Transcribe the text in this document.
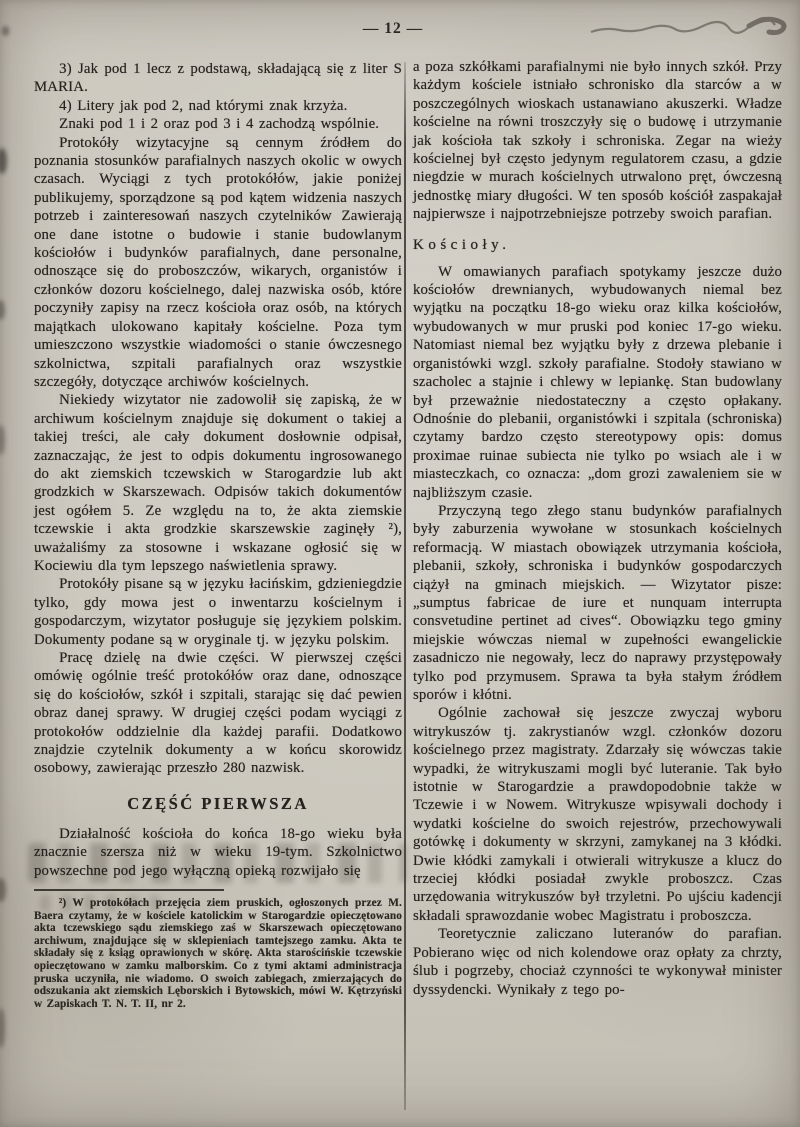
— 12 —

3) Jak pod 1 lecz z podstawą, składającą się z liter S MARIA.

4) Litery jak pod 2, nad którymi znak krzyża.

Znaki pod 1 i 2 oraz pod 3 i 4 zachodzą wspólnie.

Protokóły wizytacyjne są cennym źródłem do poznania stosunków parafialnych naszych okolic w owych czasach. Wyciągi z tych protokółów, jakie poniżej publikujemy, sporządzone są pod kątem widzenia naszych potrzeb i zainteresowań naszych czytelników Zawierają one dane istotne o budowie i stanie budowlanym kościołów i budynków parafialnych, dane personalne, odnoszące się do proboszczów, wikarych, organistów i członków dozoru kościelnego, dalej nazwiska osób, które poczyniły zapisy na rzecz kościoła oraz osób, na których majątkach ulokowano kapitały kościelne. Poza tym umieszczono wszystkie wiadomości o stanie ówczesnego szkolnictwa, szpitali parafialnych oraz wszystkie szczegóły, dotyczące archiwów kościelnych.

Niekiedy wizytator nie zadowolił się zapiską, że w archiwum kościelnym znajduje się dokument o takiej a takiej treści, ale cały dokument dosłownie odpisał, zaznaczając, że jest to odpis dokumentu ingrosowanego do akt ziemskich tczewskich w Starogardzie lub akt grodzkich w Skarszewach. Odpisów takich dokumentów jest ogółem 5. Ze względu na to, że akta ziemskie tczewskie i akta grodzkie skarszewskie zaginęły ²), uważaliśmy za stosowne i wskazane ogłosić się w Kociewiu dla tym lepszego naświetlenia sprawy.

Protokóły pisane są w języku łacińskim, gdzieniegdzie tylko, gdy mowa jest o inwentarzu kościelnym i gospodarczym, wizytator posługuje się językiem polskim. Dokumenty podane są w oryginale tj. w języku polskim.

Pracę dzielę na dwie części. W pierwszej części omówię ogólnie treść protokółów oraz dane, odnoszące się do kościołów, szkół i szpitali, starając się dać pewien obraz danej sprawy. W drugiej części podam wyciągi z protokołów oddzielnie dla każdej parafii. Dodatkowo znajdzie czytelnik dokumenty a w końcu skorowidz osobowy, zawierając przeszło 280 nazwisk.

CZĘŚĆ PIERWSZA

Działalność kościoła do końca 18-go wieku była znacznie szersza niż w wieku 19-tym. Szkolnictwo powszechne pod jego wyłączną opieką rozwijało się

²) W protokółach przejęcia ziem pruskich, ogłoszonych przez M. Baera czytamy, że w kościele katolickim w Starogardzie opieczętowano akta tczewskiego sądu ziemskiego zaś w Skarszewach opieczętowano archiwum, znajdujące się w sklepieniach tamtejszego zamku. Akta te składały się z ksiąg oprawionych w skórę. Akta starościńskie tczewskie opieczętowano w zamku malborskim. Co z tymi aktami administracja pruska uczyniła, nie wiadomo. O swoich zabiegach, zmierzających do odszukania akt ziemskich Lęborskich i Bytowskich, mówi W. Kętrzyński w Zapiskach T. N. T. II, nr 2.

a poza szkółkami parafialnymi nie było innych szkół. Przy każdym kościele istniało schronisko dla starców a w poszczególnych wioskach ustanawiano akuszerki. Władze kościelne na równi troszczyły się o budowę i utrzymanie jak kościoła tak szkoły i schroniska. Zegar na wieży kościelnej był często jedynym regulatorem czasu, a gdzie niegdzie w murach kościelnych utrwalono pręt, ówczesną jednostkę miary długości. W ten sposób kościół zaspakajał najpierwsze i najpotrzebniejsze potrzeby swoich parafian.

Kościoły.

W omawianych parafiach spotykamy jeszcze dużo kościołów drewnianych, wybudowanych niemal bez wyjątku na początku 18-go wieku oraz kilka kościołów, wybudowanych w mur pruski pod koniec 17-go wieku. Natomiast niemal bez wyjątku były z drzewa plebanie i organistówki wzgl. szkoły parafialne. Stodoły stawiano w szacholec a stajnie i chlewy w lepiankę. Stan budowlany był przeważnie niedostateczny a często opłakany. Odnośnie do plebanii, organistówki i szpitala (schroniska) czytamy bardzo często stereotypowy opis: domus proximae ruinae subiecta nie tylko po wsiach ale i w miasteczkach, co oznacza: „dom grozi zawaleniem sie w najbliższym czasie.

Przyczyną tego złego stanu budynków parafialnych były zaburzenia wywołane w stosunkach kościelnych reformacją. W miastach obowiązek utrzymania kościoła, plebanii, szkoły, schroniska i budynków gospodarczych ciążył na gminach miejskich. — Wizytator pisze: „sumptus fabricae de iure et nunquam interrupta consvetudine pertinet ad cives“. Obowiązku tego gminy miejskie wówczas niemal w zupełności ewangelickie zasadniczo nie negowały, lecz do naprawy przystępowały tylko pod przymusem. Sprawa ta była stałym źródłem sporów i kłótni.

Ogólnie zachował się jeszcze zwyczaj wyboru witrykuszów tj. zakrystianów wzgl. członków dozoru kościelnego przez magistraty. Zdarzały się wówczas takie wypadki, że witrykuszami mogli być luteranie. Tak było istotnie w Starogardzie a prawdopodobnie także w Tczewie i w Nowem. Witrykusze wpisywali dochody i wydatki kościelne do swoich rejestrów, przechowywali gotówkę i dokumenty w skrzyni, zamykanej na 3 kłódki. Dwie kłódki zamykali i otwierali witrykusze a klucz do trzeciej kłódki posiadał zwykle proboszcz. Czas urzędowania witrykuszów był trzyletni. Po ujściu kadencji składali sprawozdanie wobec Magistratu i proboszcza.

Teoretycznie zaliczano luteranów do parafian. Pobierano więc od nich kolendowe oraz opłaty za chrzty, ślub i pogrzeby, chociaż czynności te wykonywał minister dyssydencki. Wynikały z tego po-
